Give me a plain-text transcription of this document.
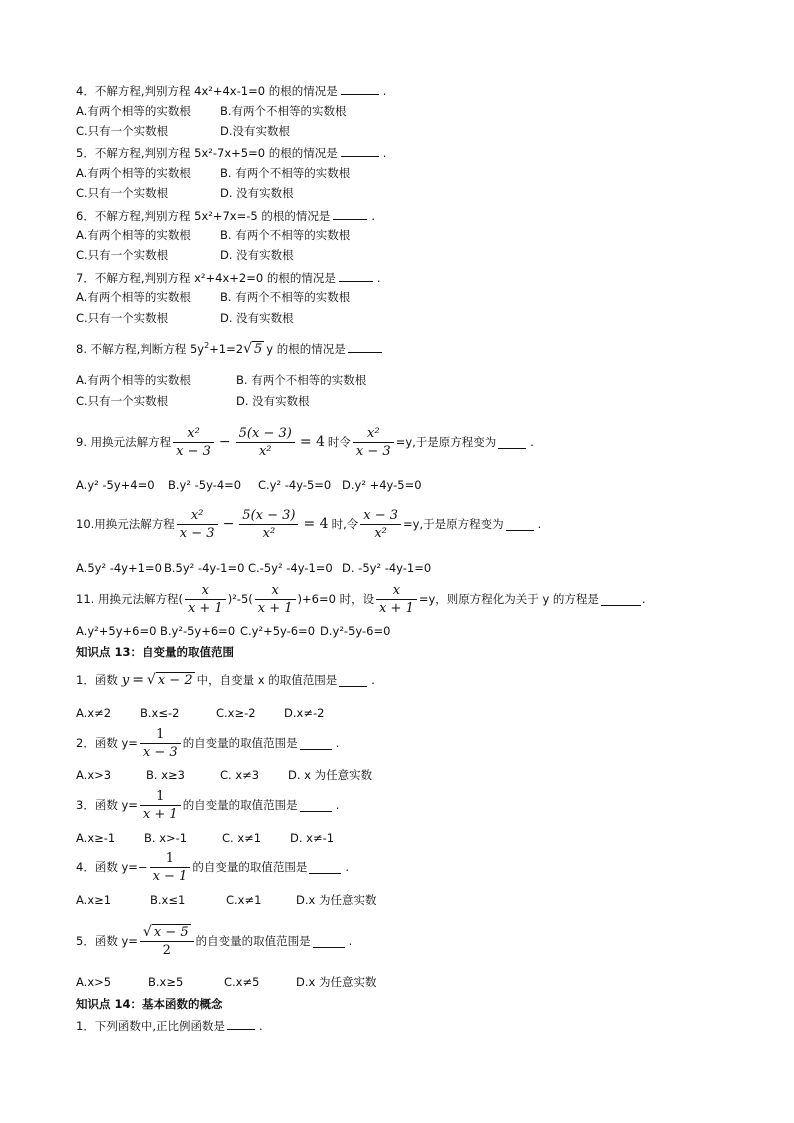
4．不解方程,判别方程 4x²+4x-1=0 的根的情况是	.
A.有两个相等的实数根	B.有两个不相等的实数根
C.只有一个实数根	D.没有实数根
5．不解方程,判别方程 5x²-7x+5=0 的根的情况是	.
A.有两个相等的实数根	B. 有两个不相等的实数根
C.只有一个实数根	D. 没有实数根
6．不解方程,判别方程 5x²+7x=-5 的根的情况是	.
A.有两个相等的实数根	B. 有两个不相等的实数根
C.只有一个实数根	D. 没有实数根
7．不解方程,判别方程 x²+4x+2=0 的根的情况是	.
A.有两个相等的实数根	B. 有两个不相等的实数根
C.只有一个实数根	D. 没有实数根
8. 不解方程,判断方程 $5y^2+1=2√$ 5 y 的根的情况是
A.有两个相等的实数根	B. 有两个不相等的实数根
C.只有一个实数根	D. 没有实数根
9. 用换元法解方程 $\frac{\text{x²}}{x - 3} - \frac{5(x - 3)}{\text{x²}} = 4$ 时令 $\frac{\text{x²}}{x - 3} =y$,于是原方程变为	.
A.y² -5y+4=0 B.y² -5y-4=0 C.y² -4y-5=0 D.y² +4y-5=0
10.用换元法解方程 $\frac{\text{x²}}{x - 3} - \frac{5(x - 3)}{\text{x²}} = 4$ 时,令 $\frac{x - 3}{\text{x²}} =y$,于是原方程变为	.
A.5y² -4y+1=0 B.5y² -4y-1=0 C.-5y² -4y-1=0 D. -5y² -4y-1=0
11. 用换元法解方程( $\frac{x}{x + 1} )^2-5( \frac{x}{x + 1} )+6=0$ 时，设 $\frac{x}{x + 1} =y$，则原方程化为关于 y 的方程是	.
A.y²+5y+6=0 B.y²-5y+6=0 C.y²+5y-6=0 D.y²-5y-6=0
知识点 13：自变量的取值范围
1．函数 y = √ x − 2 中，自变量 x 的取值范围是	.
A.x≠2	B.x≤-2	C.x≥-2 D.x≠-2
2．函数 $y= \frac{1}{x - 3}$ 的自变量的取值范围是	.
A.x>3	B. x≥3	C. x≠3	D. x 为任意实数
3．函数 $y= \frac{1}{x + 1}$ 的自变量的取值范围是	.
A.x≥-1	B. x>-1	C. x≠1	D. x≠-1
4．函数 $y=- \frac{1}{x - 1}$ 的自变量的取值范围是	.
A.x≥1	B.x≤1	C.x≠1	D.x 为任意实数
5．函数 $y= \frac{√ x - 5}{2}$ 的自变量的取值范围是	.
A.x>5	B.x≥5	C.x≠5	D.x 为任意实数
知识点 14：基本函数的概念
1．下列函数中,正比例函数是	.
